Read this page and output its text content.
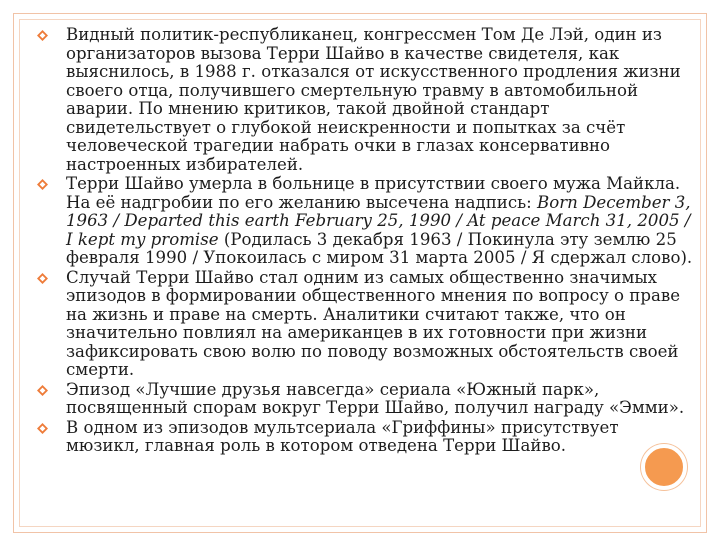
Видный политик-республиканец, конгрессмен Том Де Лэй, один из организаторов вызова Терри Шайво в качестве свидетеля, как выяснилось, в 1988 г. отказался от искусственного продления жизни своего отца, получившего смертельную травму в автомобильной аварии. По мнению критиков, такой двойной стандарт свидетельствует о глубокой неискренности и попытках за счёт человеческой трагедии набрать очки в глазах консервативно настроенных избирателей.
Терри Шайво умерла в больнице в присутствии своего мужа Майкла. На её надгробии по его желанию высечена надпись: Born December 3, 1963 / Departed this earth February 25, 1990 / At peace March 31, 2005 / I kept my promise (Родилась 3 декабря 1963 / Покинула эту землю 25 февраля 1990 / Упокоилась с миром 31 марта 2005 / Я сдержал слово).
Случай Терри Шайво стал одним из самых общественно значимых эпизодов в формировании общественного мнения по вопросу о праве на жизнь и праве на смерть. Аналитики считают также, что он значительно повлиял на американцев в их готовности при жизни зафиксировать свою волю по поводу возможных обстоятельств своей смерти.
Эпизод «Лучшие друзья навсегда» сериала «Южный парк», посвященный спорам вокруг Терри Шайво, получил награду «Эмми».
В одном из эпизодов мультсериала «Гриффины» присутствует мюзикл, главная роль в котором отведена Терри Шайво.
